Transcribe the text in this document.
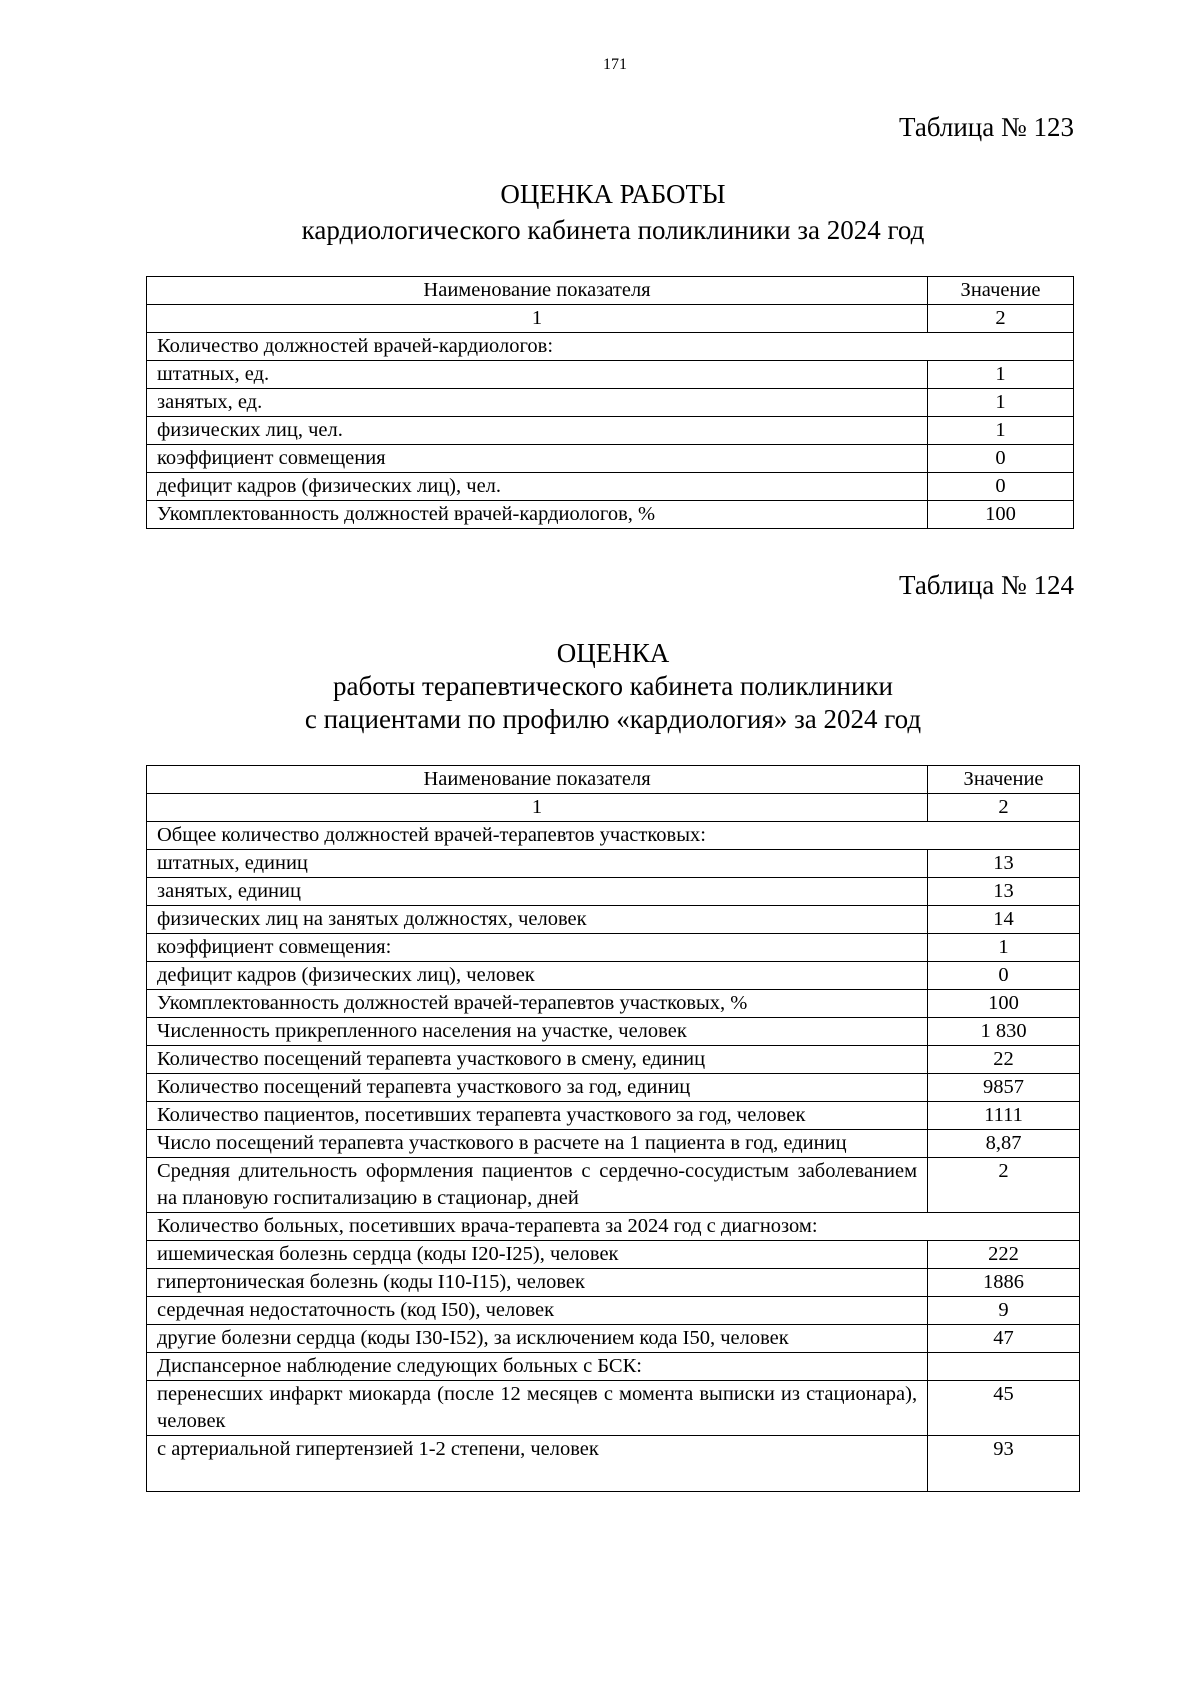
171
Таблица № 123
ОЦЕНКА РАБОТЫ
кардиологического кабинета поликлиники за 2024 год
Наименование показателя	Значение
1	2
Количество должностей врачей-кардиологов:	
штатных, ед.	1
занятых, ед.	1
физических лиц, чел.	1
коэффициент совмещения	0
дефицит кадров (физических лиц), чел.	0
Укомплектованность должностей врачей-кардиологов, %	100
Таблица № 124
ОЦЕНКА
работы терапевтического кабинета поликлиники
с пациентами по профилю «кардиология» за 2024 год
Наименование показателя	Значение
1	2
Общее количество должностей врачей-терапевтов участковых:	
штатных, единиц	13
занятых, единиц	13
физических лиц на занятых должностях, человек	14
коэффициент совмещения:	1
дефицит кадров (физических лиц), человек	0
Укомплектованность должностей врачей-терапевтов участковых, %	100
Численность прикрепленного населения на участке, человек	1 830
Количество посещений терапевта участкового в смену, единиц	22
Количество посещений терапевта участкового за год, единиц	9857
Количество пациентов, посетивших терапевта участкового за год, человек	1111
Число посещений терапевта участкового в расчете на 1 пациента в год, единиц	8,87
Средняя длительность оформления пациентов с сердечно-сосудистым заболеванием на плановую госпитализацию в стационар, дней	2
Количество больных, посетивших врача-терапевта за 2024 год с диагнозом:	
ишемическая болезнь сердца (коды I20-I25), человек	222
гипертоническая болезнь (коды I10-I15), человек	1886
сердечная недостаточность (код I50), человек	9
другие болезни сердца (коды I30-I52), за исключением кода I50, человек	47
Диспансерное наблюдение следующих больных с БСК:	
перенесших инфаркт миокарда (после 12 месяцев с момента выписки из стационара), человек	45
с артериальной гипертензией 1-2 степени, человек	93
